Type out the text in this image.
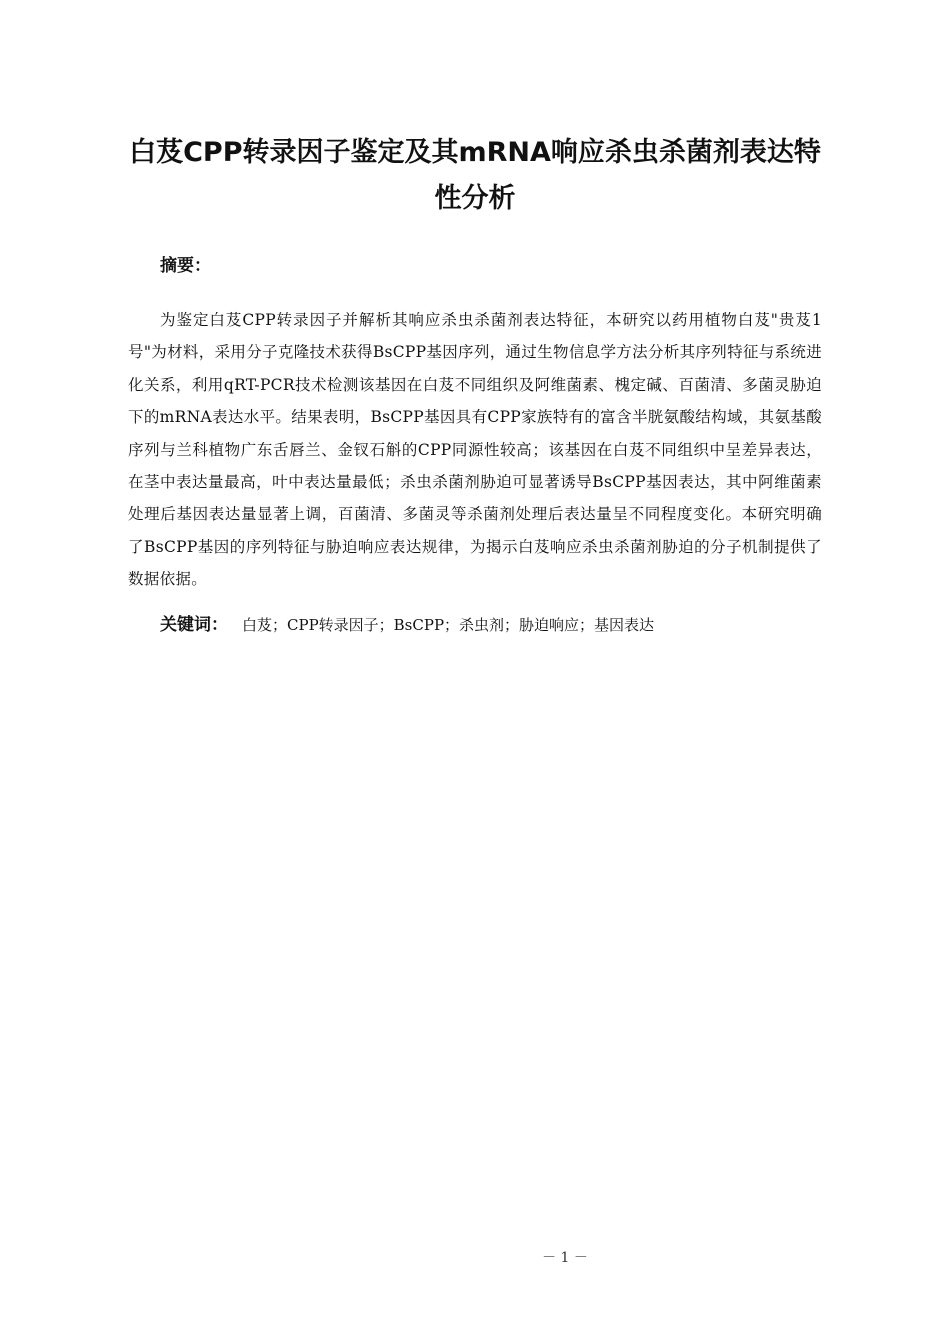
白芨CPP转录因子鉴定及其mRNA响应杀虫杀菌剂表达特性分析

摘要：

为鉴定白芨CPP转录因子并解析其响应杀虫杀菌剂表达特征，本研究以药用植物白芨"贵芨1号"为材料，采用分子克隆技术获得BsCPP基因序列，通过生物信息学方法分析其序列特征与系统进化关系，利用qRT-PCR技术检测该基因在白芨不同组织及阿维菌素、槐定碱、百菌清、多菌灵胁迫下的mRNA表达水平。结果表明，BsCPP基因具有CPP家族特有的富含半胱氨酸结构域，其氨基酸序列与兰科植物广东舌唇兰、金钗石斛的CPP同源性较高；该基因在白芨不同组织中呈差异表达，在茎中表达量最高，叶中表达量最低；杀虫杀菌剂胁迫可显著诱导BsCPP基因表达，其中阿维菌素处理后基因表达量显著上调，百菌清、多菌灵等杀菌剂处理后表达量呈不同程度变化。本研究明确了BsCPP基因的序列特征与胁迫响应表达规律，为揭示白芨响应杀虫杀菌剂胁迫的分子机制提供了数据依据。

关键词： 白芨；CPP转录因子；BsCPP；杀虫剂；胁迫响应；基因表达

－ 1 －
